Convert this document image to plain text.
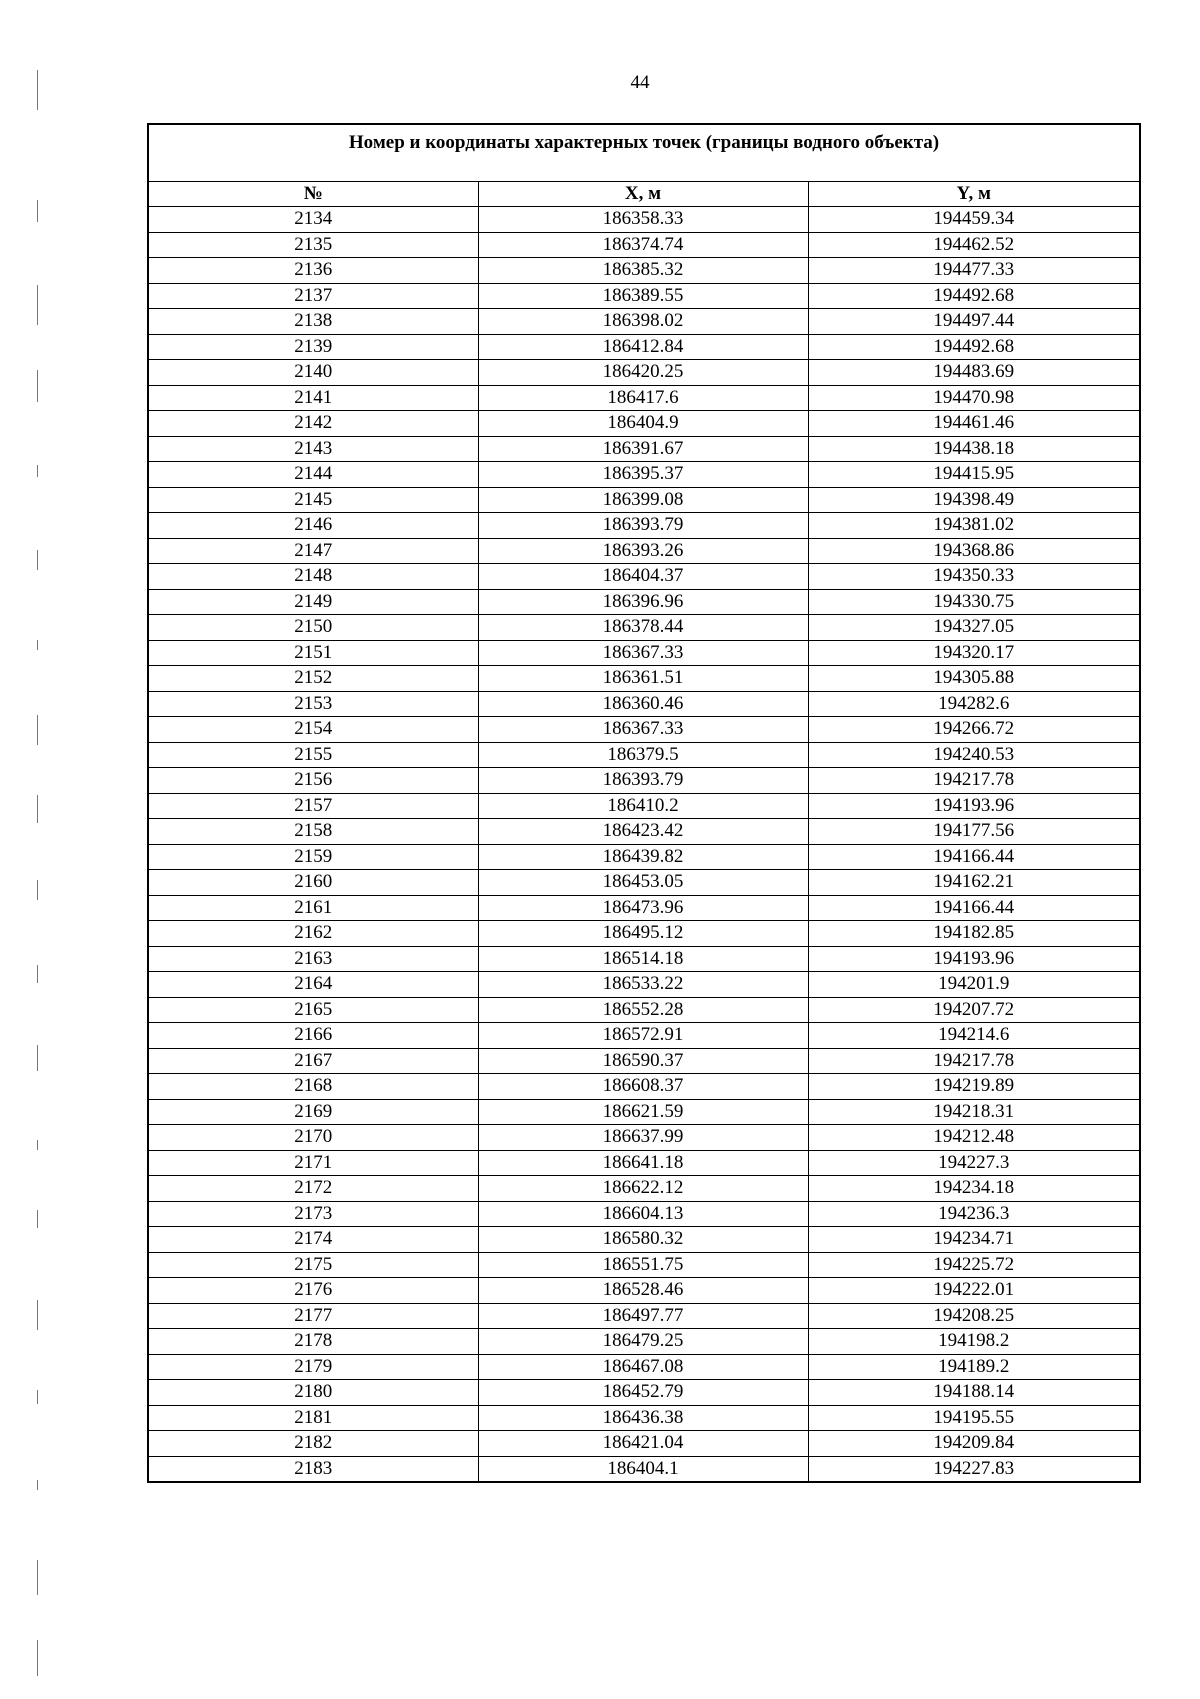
44
Номер и координаты характерных точек (границы водного объекта)		
№	X, м	Y, м
2134	186358.33	194459.34
2135	186374.74	194462.52
2136	186385.32	194477.33
2137	186389.55	194492.68
2138	186398.02	194497.44
2139	186412.84	194492.68
2140	186420.25	194483.69
2141	186417.6	194470.98
2142	186404.9	194461.46
2143	186391.67	194438.18
2144	186395.37	194415.95
2145	186399.08	194398.49
2146	186393.79	194381.02
2147	186393.26	194368.86
2148	186404.37	194350.33
2149	186396.96	194330.75
2150	186378.44	194327.05
2151	186367.33	194320.17
2152	186361.51	194305.88
2153	186360.46	194282.6
2154	186367.33	194266.72
2155	186379.5	194240.53
2156	186393.79	194217.78
2157	186410.2	194193.96
2158	186423.42	194177.56
2159	186439.82	194166.44
2160	186453.05	194162.21
2161	186473.96	194166.44
2162	186495.12	194182.85
2163	186514.18	194193.96
2164	186533.22	194201.9
2165	186552.28	194207.72
2166	186572.91	194214.6
2167	186590.37	194217.78
2168	186608.37	194219.89
2169	186621.59	194218.31
2170	186637.99	194212.48
2171	186641.18	194227.3
2172	186622.12	194234.18
2173	186604.13	194236.3
2174	186580.32	194234.71
2175	186551.75	194225.72
2176	186528.46	194222.01
2177	186497.77	194208.25
2178	186479.25	194198.2
2179	186467.08	194189.2
2180	186452.79	194188.14
2181	186436.38	194195.55
2182	186421.04	194209.84
2183	186404.1	194227.83
